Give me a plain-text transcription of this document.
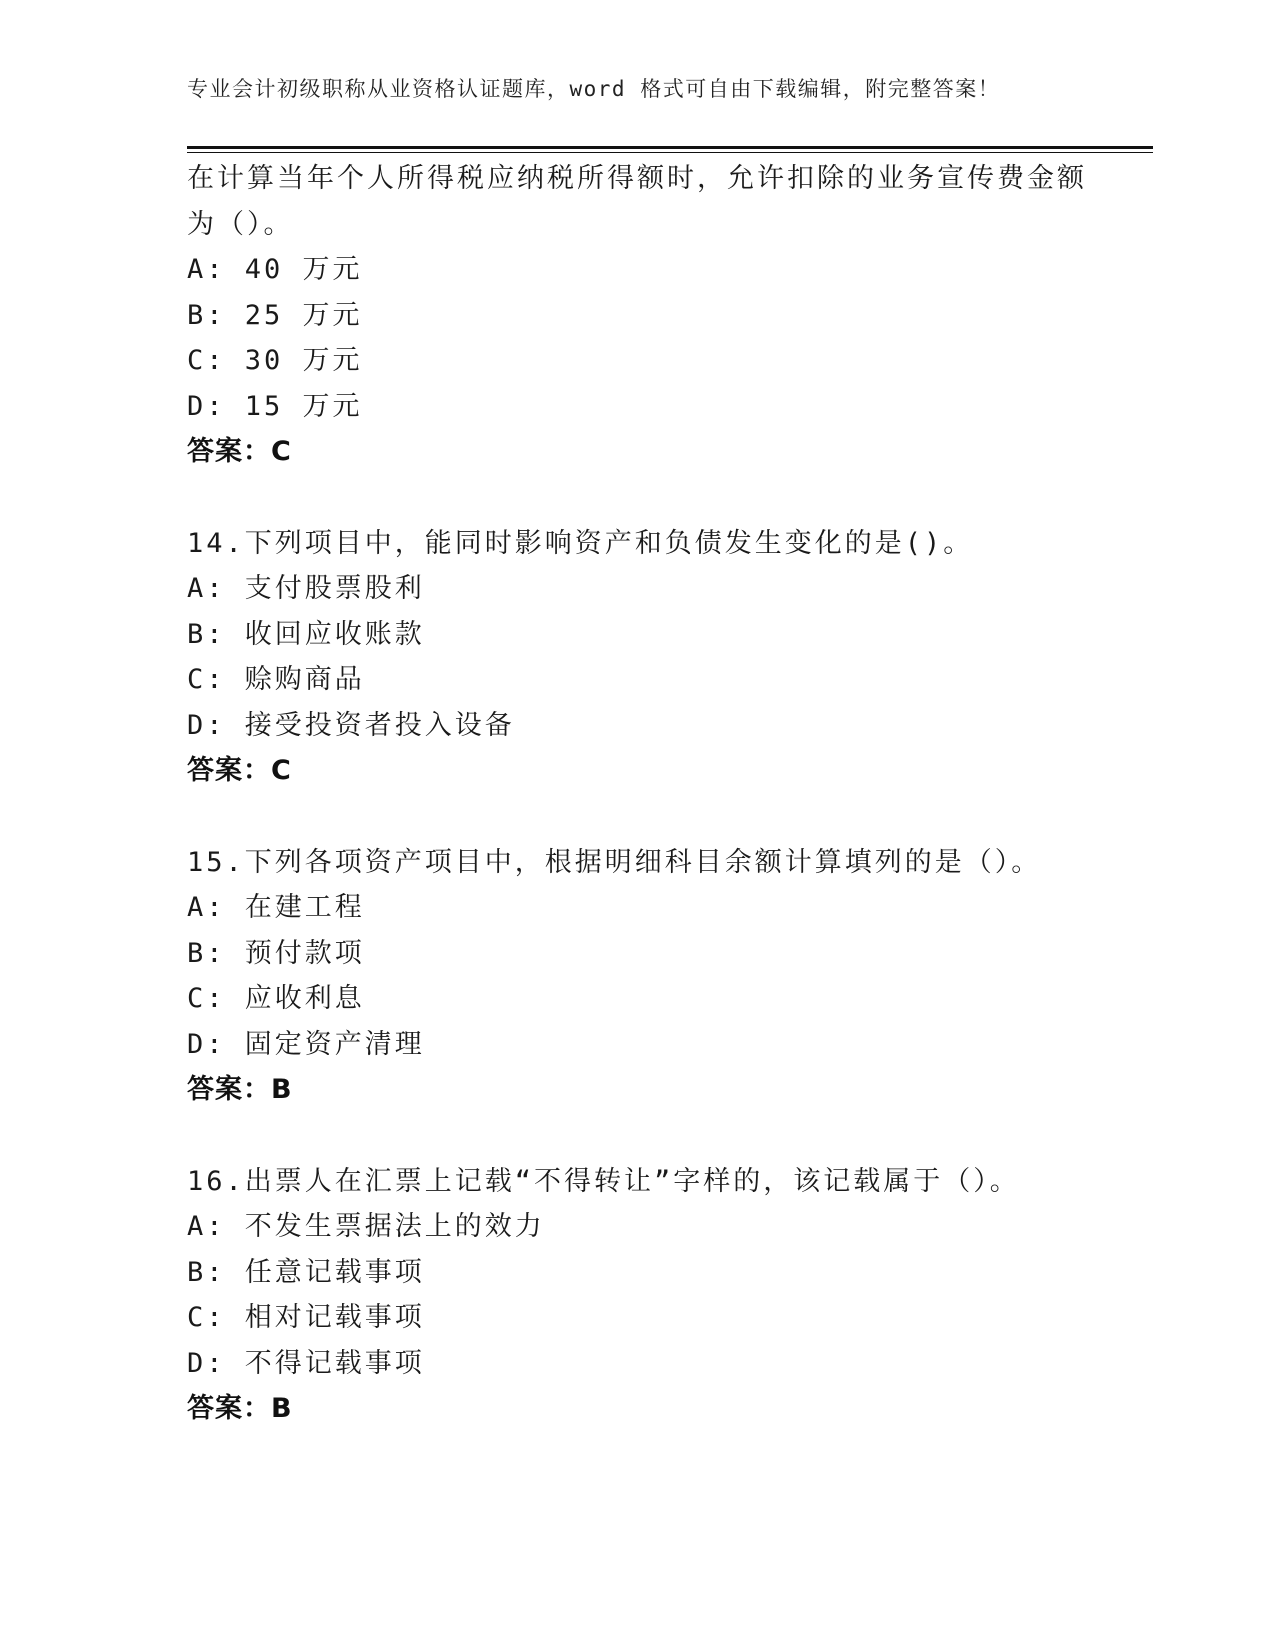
专业会计初级职称从业资格认证题库，word 格式可自由下载编辑，附完整答案！
在计算当年个人所得税应纳税所得额时，允许扣除的业务宣传费金额
为（）。
A: 40 万元
B: 25 万元
C: 30 万元
D: 15 万元
答案：C
14.下列项目中，能同时影响资产和负债发生变化的是()。
A: 支付股票股利
B: 收回应收账款
C: 赊购商品
D: 接受投资者投入设备
答案：C
15.下列各项资产项目中，根据明细科目余额计算填列的是（）。
A: 在建工程
B: 预付款项
C: 应收利息
D: 固定资产清理
答案：B
16.出票人在汇票上记载“不得转让”字样的，该记载属于（）。
A: 不发生票据法上的效力
B: 任意记载事项
C: 相对记载事项
D: 不得记载事项
答案：B
